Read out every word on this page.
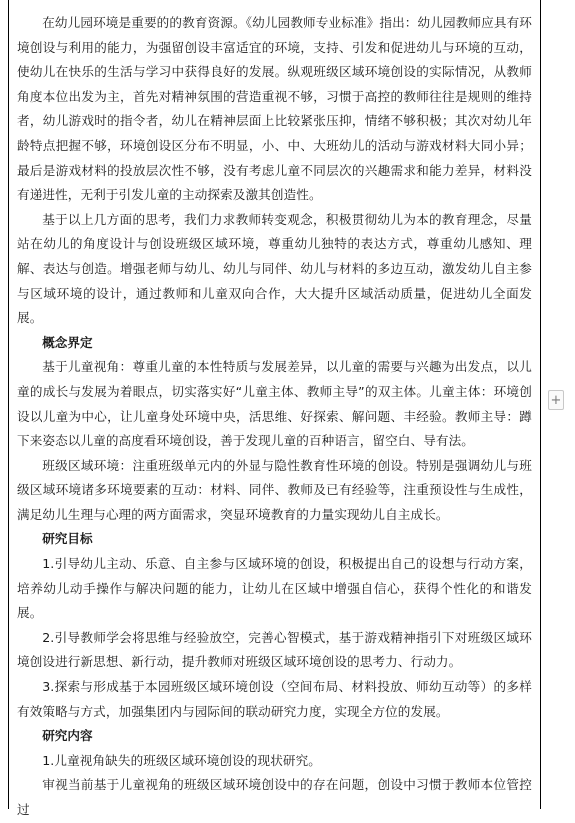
在幼儿园环境是重要的的教育资源。《幼儿园教师专业标准》指出：幼儿园教师应具有环境创设与利用的能力，为强留创设丰富适宜的环境，支持、引发和促进幼儿与环境的互动，使幼儿在快乐的生活与学习中获得良好的发展。纵观班级区域环境创设的实际情况，从教师角度本位出发为主，首先对精神氛围的营造重视不够，习惯于高控的教师往往是规则的维持者，幼儿游戏时的指令者，幼儿在精神层面上比较紧张压抑，情绪不够积极；其次对幼儿年龄特点把握不够，环境创设区分布不明显，小、中、大班幼儿的活动与游戏材料大同小异；最后是游戏材料的投放层次性不够，没有考虑儿童不同层次的兴趣需求和能力差异，材料没有递进性，无利于引发儿童的主动探索及激其创造性。

基于以上几方面的思考，我们力求教师转变观念，积极贯彻幼儿为本的教育理念，尽量站在幼儿的角度设计与创设班级区域环境，尊重幼儿独特的表达方式，尊重幼儿感知、理解、表达与创造。增强老师与幼儿、幼儿与同伴、幼儿与材料的多边互动，激发幼儿自主参与区域环境的设计，通过教师和儿童双向合作，大大提升区域活动质量，促进幼儿全面发展。

概念界定

基于儿童视角：尊重儿童的本性特质与发展差异，以儿童的需要与兴趣为出发点，以儿童的成长与发展为着眼点，切实落实好“儿童主体、教师主导”的双主体。儿童主体：环境创设以儿童为中心，让儿童身处环境中央，活思维、好探索、解问题、丰经验。教师主导：蹲下来姿态以儿童的高度看环境创设，善于发现儿童的百种语言，留空白、导有法。

班级区域环境：注重班级单元内的外显与隐性教育性环境的创设。特别是强调幼儿与班级区域环境诸多环境要素的互动：材料、同伴、教师及已有经验等，注重预设性与生成性，满足幼儿生理与心理的两方面需求，突显环境教育的力量实现幼儿自主成长。

研究目标

1.引导幼儿主动、乐意、自主参与区域环境的创设，积极提出自己的设想与行动方案，培养幼儿动手操作与解决问题的能力，让幼儿在区域中增强自信心，获得个性化的和谐发展。

2.引导教师学会将思维与经验放空，完善心智模式，基于游戏精神指引下对班级区域环境创设进行新思想、新行动，提升教师对班级区域环境创设的思考力、行动力。

3.探索与形成基于本园班级区域环境创设（空间布局、材料投放、师幼互动等）的多样有效策略与方式，加强集团内与园际间的联动研究力度，实现全方位的发展。

研究内容

1.儿童视角缺失的班级区域环境创设的现状研究。

审视当前基于儿童视角的班级区域环境创设中的存在问题，创设中习惯于教师本位管控过

+
